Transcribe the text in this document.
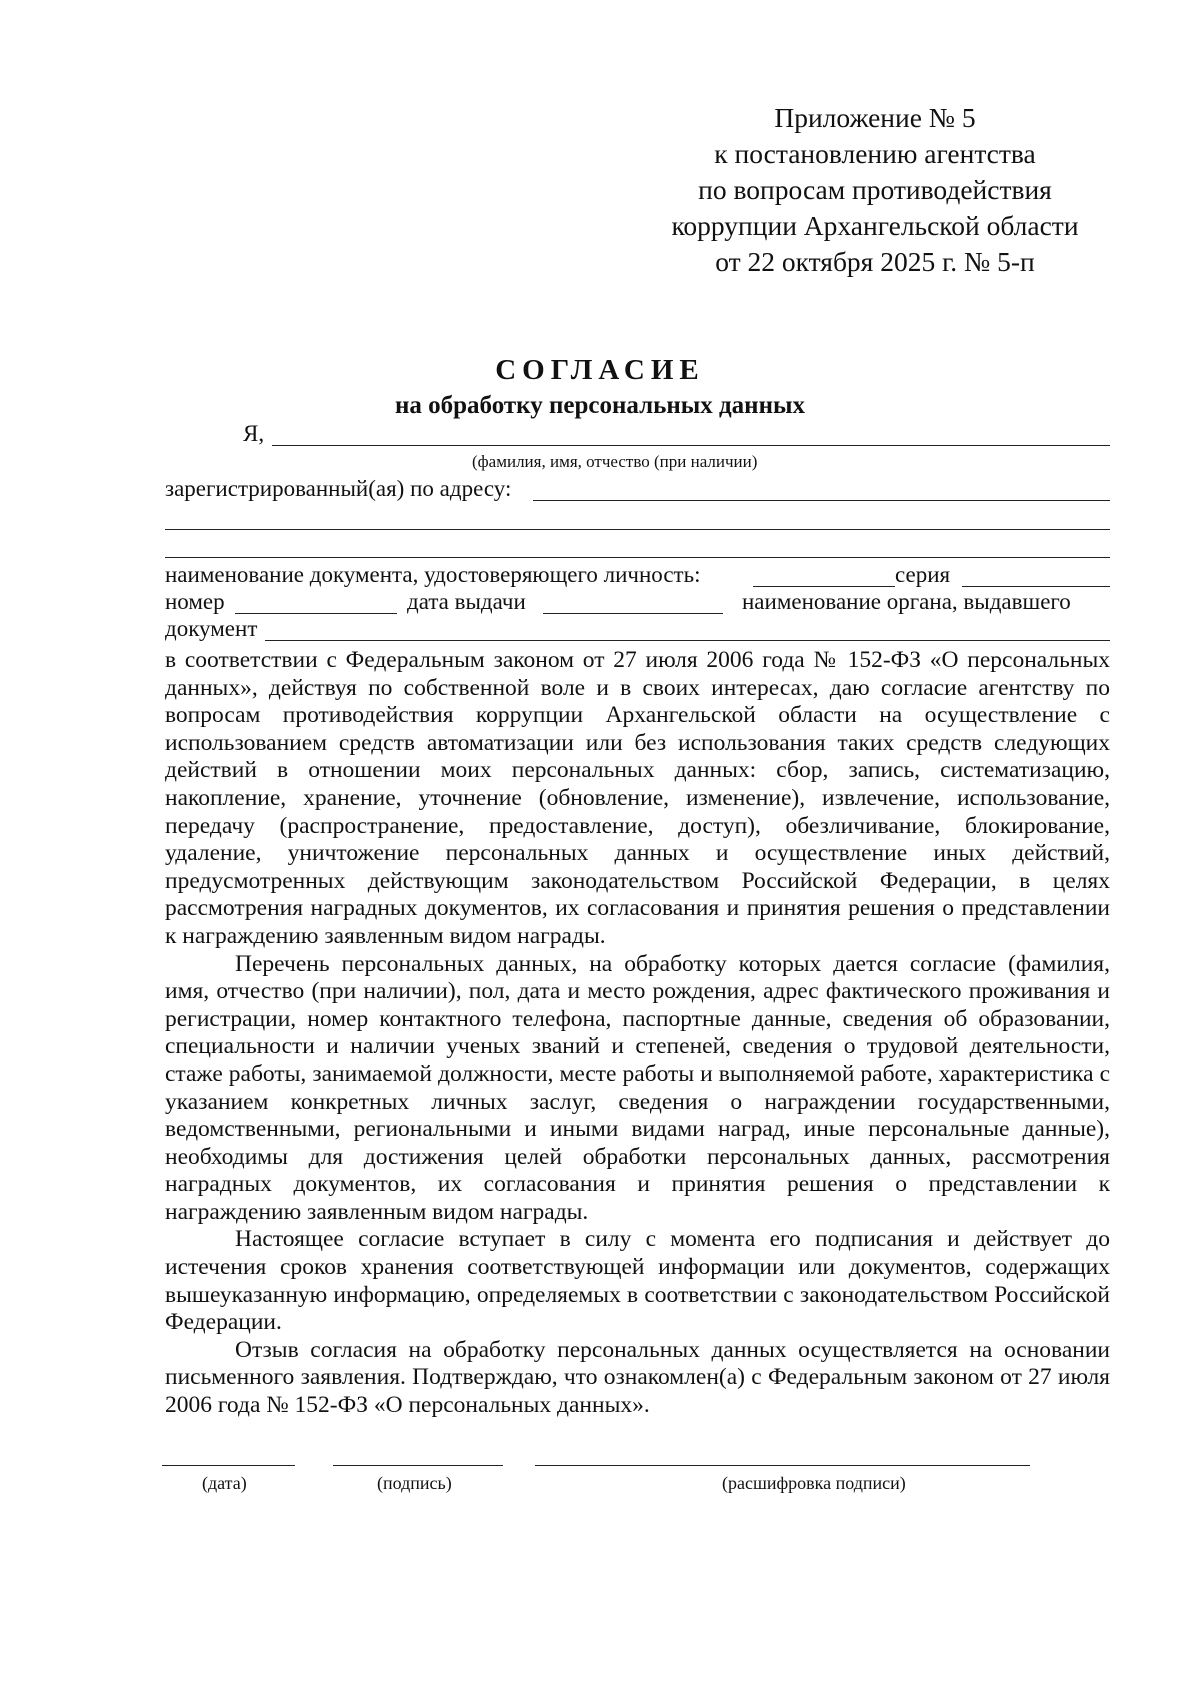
Приложение № 5
к постановлению агентства
по вопросам противодействия
коррупции Архангельской области
от 22 октября 2025 г. № 5-п
СОГЛАСИЕ
на обработку персональных данных
Я,
(фамилия, имя, отчество (при наличии)
зарегистрированный(ая) по адресу:
наименование документа, удостоверяющего личность:	серия
номер	дата выдачи	наименование органа, выдавшего
документ

в соответствии с Федеральным законом от 27 июля 2006 года № 152-ФЗ «О персональных данных», действуя по собственной воле и в своих интересах, даю согласие агентству по вопросам противодействия коррупции Архангельской области на осуществление с использованием средств автоматизации или без использования таких средств следующих действий в отношении моих персональных данных: сбор, запись, систематизацию, накопление, хранение, уточнение (обновление, изменение), извлечение, использование, передачу (распространение, предоставление, доступ), обезличивание, блокирование, удаление, уничтожение персональных данных и осуществление иных действий, предусмотренных действующим законодательством Российской Федерации, в целях рассмотрения наградных документов, их согласования и принятия решения о представлении к награждению заявленным видом награды.

Перечень персональных данных, на обработку которых дается согласие (фамилия, имя, отчество (при наличии), пол, дата и место рождения, адрес фактического проживания и регистрации, номер контактного телефона, паспортные данные, сведения об образовании, специальности и наличии ученых званий и степеней, сведения о трудовой деятельности, стаже работы, занимаемой должности, месте работы и выполняемой работе, характеристика с указанием конкретных личных заслуг, сведения о награждении государственными, ведомственными, региональными и иными видами наград, иные персональные данные), необходимы для достижения целей обработки персональных данных, рассмотрения наградных документов, их согласования и принятия решения о представлении к награждению заявленным видом награды.

Настоящее согласие вступает в силу с момента его подписания и действует до истечения сроков хранения соответствующей информации или документов, содержащих вышеуказанную информацию, определяемых в соответствии с законодательством Российской Федерации.

Отзыв согласия на обработку персональных данных осуществляется на основании письменного заявления. Подтверждаю, что ознакомлен(а) с Федеральным законом от 27 июля 2006 года № 152-ФЗ «О персональных данных».

(дата)	(подпись)	(расшифровка подписи)
